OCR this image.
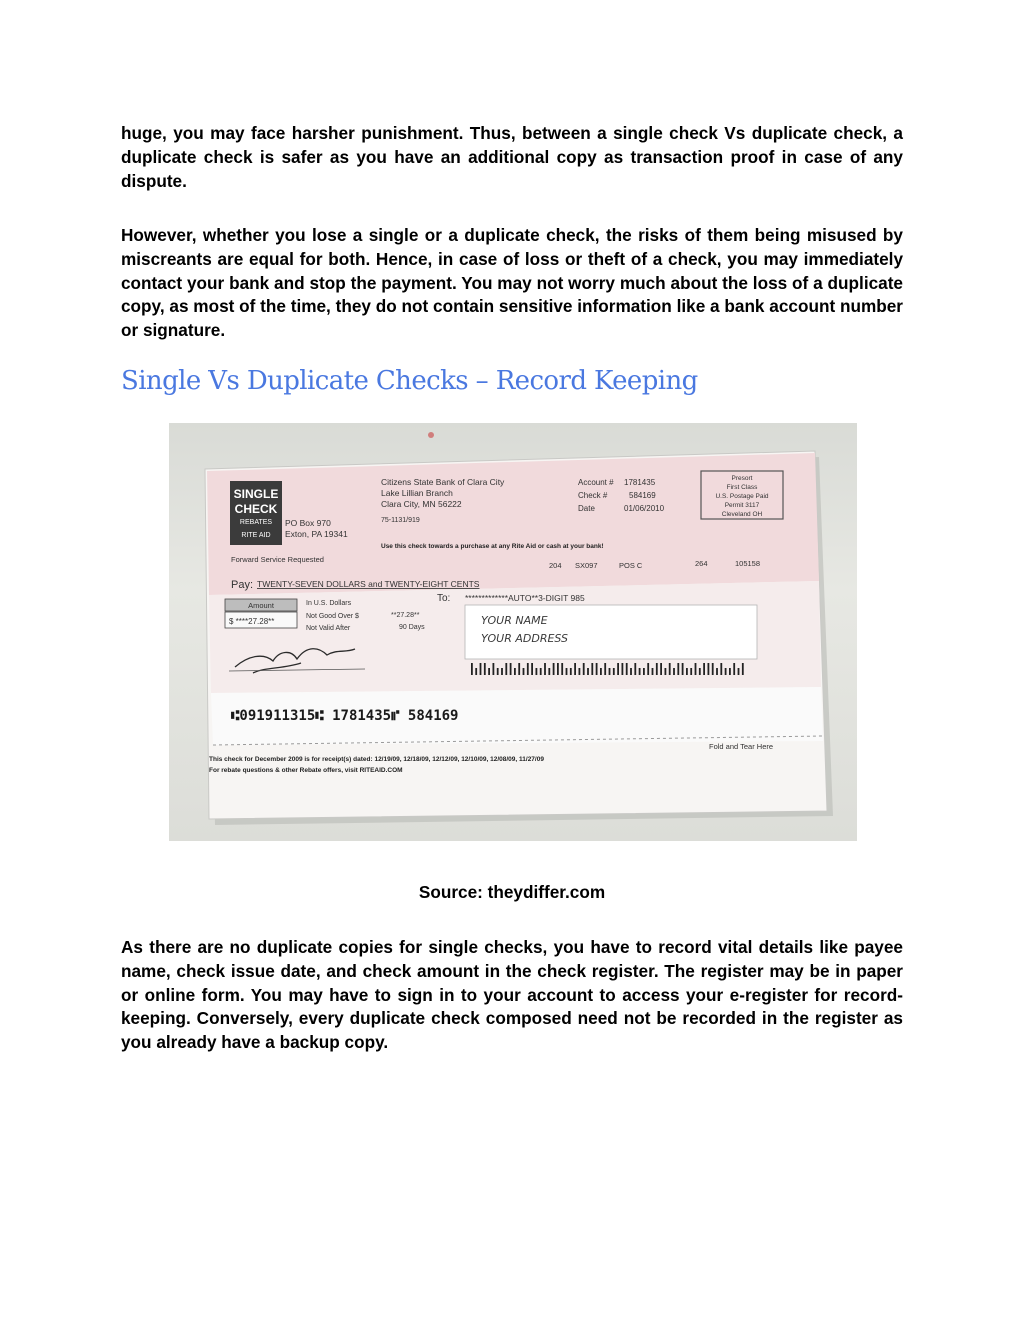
huge, you may face harsher punishment. Thus, between a single check Vs duplicate check, a duplicate check is safer as you have an additional copy as transaction proof in case of any dispute.

However, whether you lose a single or a duplicate check, the risks of them being misused by miscreants are equal for both. Hence, in case of loss or theft of a check, you may immediately contact your bank and stop the payment. You may not worry much about the loss of a duplicate copy, as most of the time, they do not contain sensitive information like a bank account number or signature.

Single Vs Duplicate Checks – Record Keeping
SINGLE
CHECK
REBATES
RITE AID
PO Box 970
Exton, PA 19341
Forward Service Requested
Citizens State Bank of Clara City
Lake Lillian Branch
Clara City, MN 56222
75-1131/919
Account # 1781435
Check #	584169
Date	01/06/2010
Presort
First Class
U.S. Postage Paid
Permit 3117
Cleveland OH
Use this check towards a purchase at any Rite Aid or cash at your bank!
204 SX097	POS C	264	105158
Pay: TWENTY-SEVEN DOLLARS and TWENTY-EIGHT CENTS
To: *************AUTO**3-DIGIT 985
Amount
$ ****27.28**
In U.S. Dollars
Not Good Over $	**27.28**
Not Valid After	90 Days
YOUR NAME
YOUR ADDRESS
⑆091911315⑆ 1781435⑈ 584169
Fold and Tear Here
This check for December 2009 is for receipt(s) dated: 12/19/09, 12/18/09, 12/12/09, 12/10/09, 12/08/09, 11/27/09
For rebate questions & other Rebate offers, visit RITEAID.COM

Source: theydiffer.com

As there are no duplicate copies for single checks, you have to record vital details like payee name, check issue date, and check amount in the check register. The register may be in paper or online form. You may have to sign in to your account to access your e-register for record-keeping. Conversely, every duplicate check composed need not be recorded in the register as you already have a backup copy.
